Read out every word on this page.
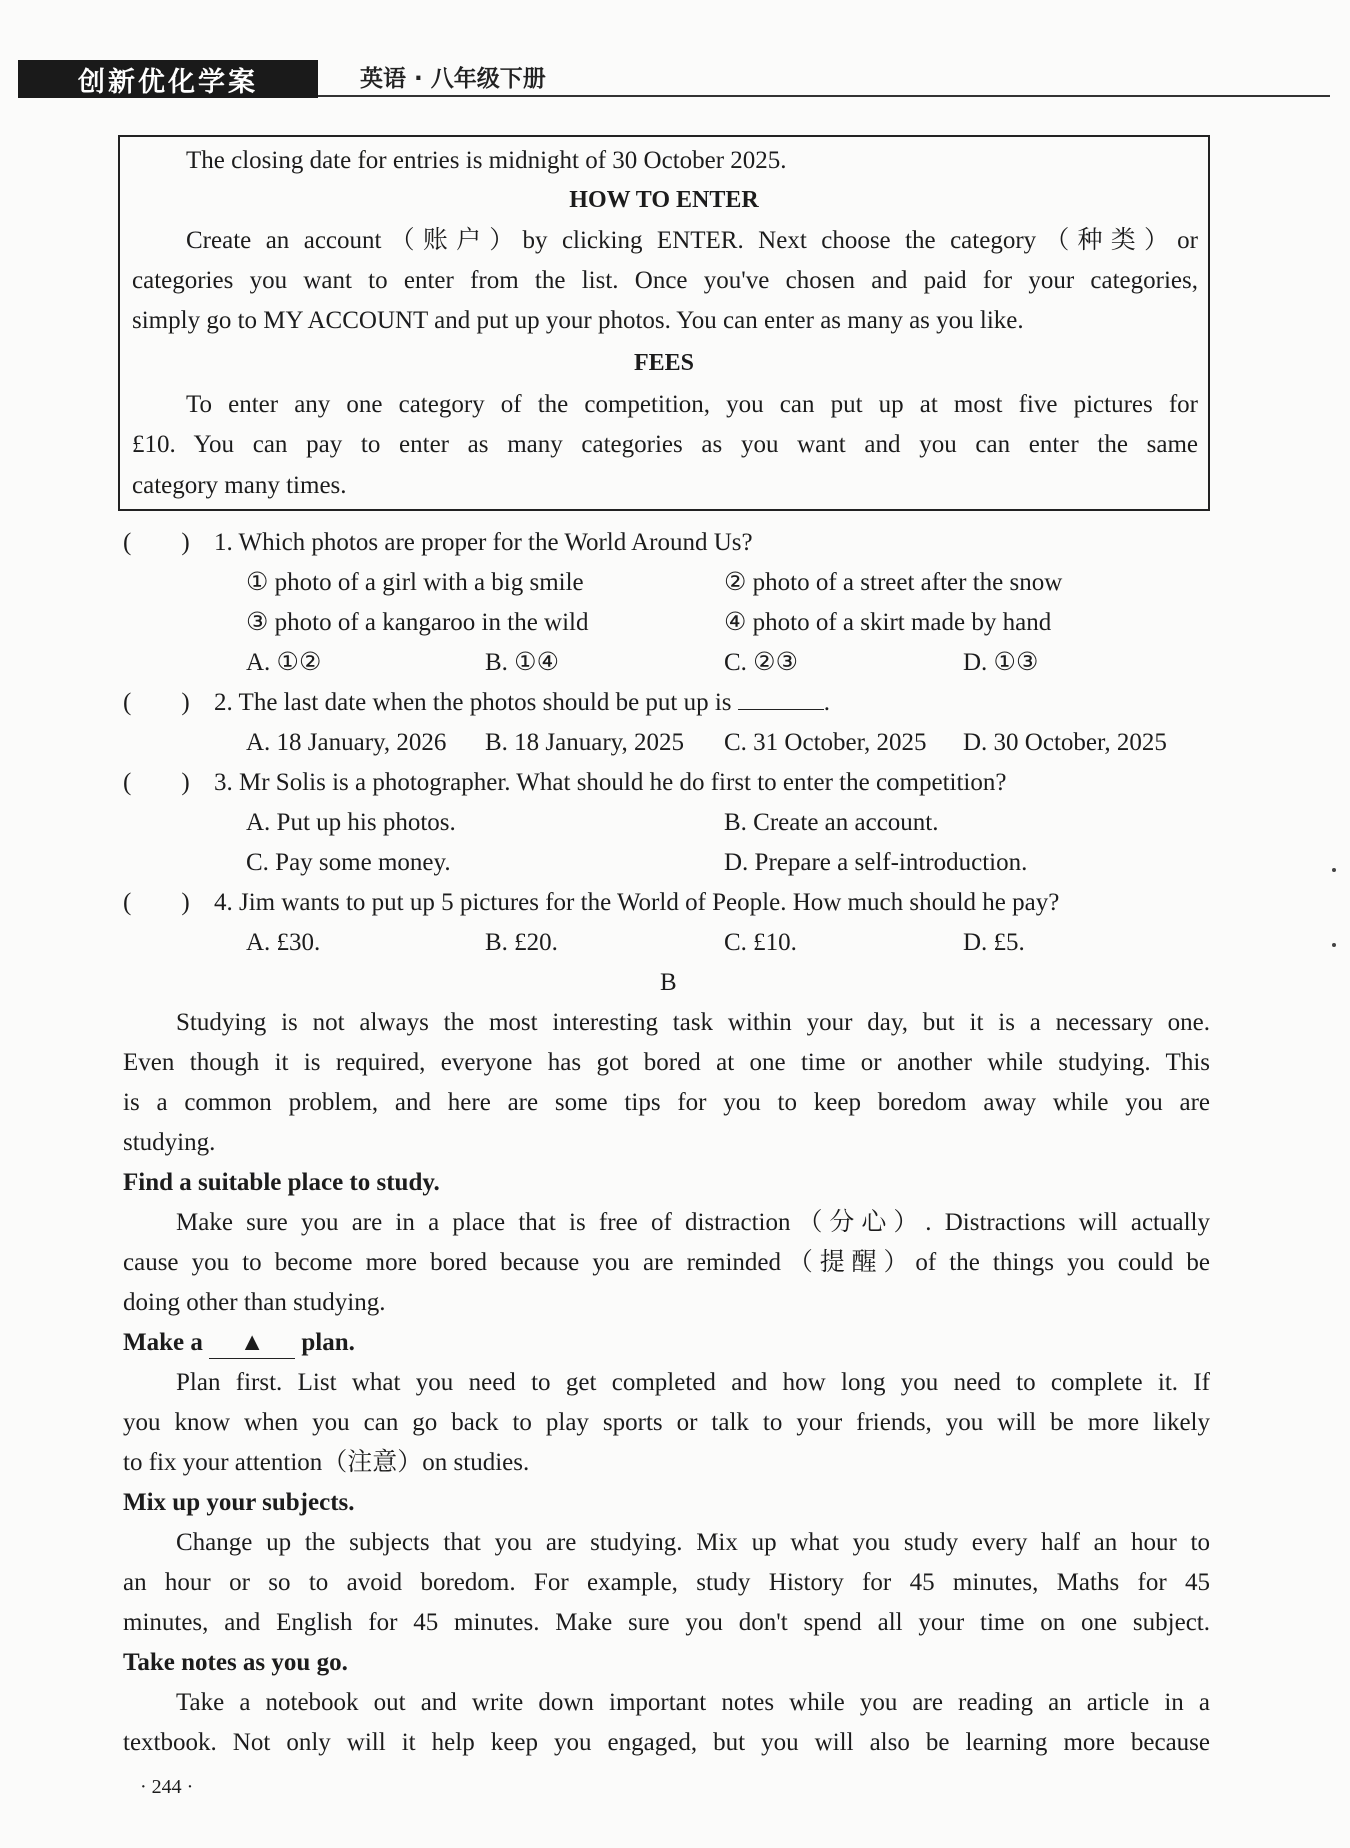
创新优化学案	英语 · 八年级下册
The closing date for entries is midnight of 30 October 2025.
HOW TO ENTER
Create an account（账户）by clicking ENTER. Next choose the category（种类）or
categories you want to enter from the list. Once you've chosen and paid for your categories,
simply go to MY ACCOUNT and put up your photos. You can enter as many as you like.
FEES
To enter any one category of the competition, you can put up at most five pictures for
£10. You can pay to enter as many categories as you want and you can enter the same
category many times.
(　　) 1. Which photos are proper for the World Around Us?
① photo of a girl with a big smile	② photo of a street after the snow
③ photo of a kangaroo in the wild	④ photo of a skirt made by hand
A. ①②	B. ①④	C. ②③	D. ①③
(　　) 2. The last date when the photos should be put up is	.
A. 18 January, 2026 B. 18 January, 2025 C. 31 October, 2025 D. 30 October, 2025
(　　) 3. Mr Solis is a photographer. What should he do first to enter the competition?
A. Put up his photos.	B. Create an account.
C. Pay some money.	D. Prepare a self-introduction.
(　　) 4. Jim wants to put up 5 pictures for the World of People. How much should he pay?
A. £30.	B. £20.	C. £10.	D. £5.
B
Studying is not always the most interesting task within your day, but it is a necessary one.
Even though it is required, everyone has got bored at one time or another while studying. This
is a common problem, and here are some tips for you to keep boredom away while you are
studying.
Find a suitable place to study.
Make sure you are in a place that is free of distraction（分心）. Distractions will actually
cause you to become more bored because you are reminded（提醒）of the things you could be
doing other than studying.
Make a ▲ plan.
Plan first. List what you need to get completed and how long you need to complete it. If
you know when you can go back to play sports or talk to your friends, you will be more likely
to fix your attention（注意）on studies.
Mix up your subjects.
Change up the subjects that you are studying. Mix up what you study every half an hour to
an hour or so to avoid boredom. For example, study History for 45 minutes, Maths for 45
minutes, and English for 45 minutes. Make sure you don't spend all your time on one subject.
Take notes as you go.
Take a notebook out and write down important notes while you are reading an article in a
textbook. Not only will it help keep you engaged, but you will also be learning more because
· 244 ·
